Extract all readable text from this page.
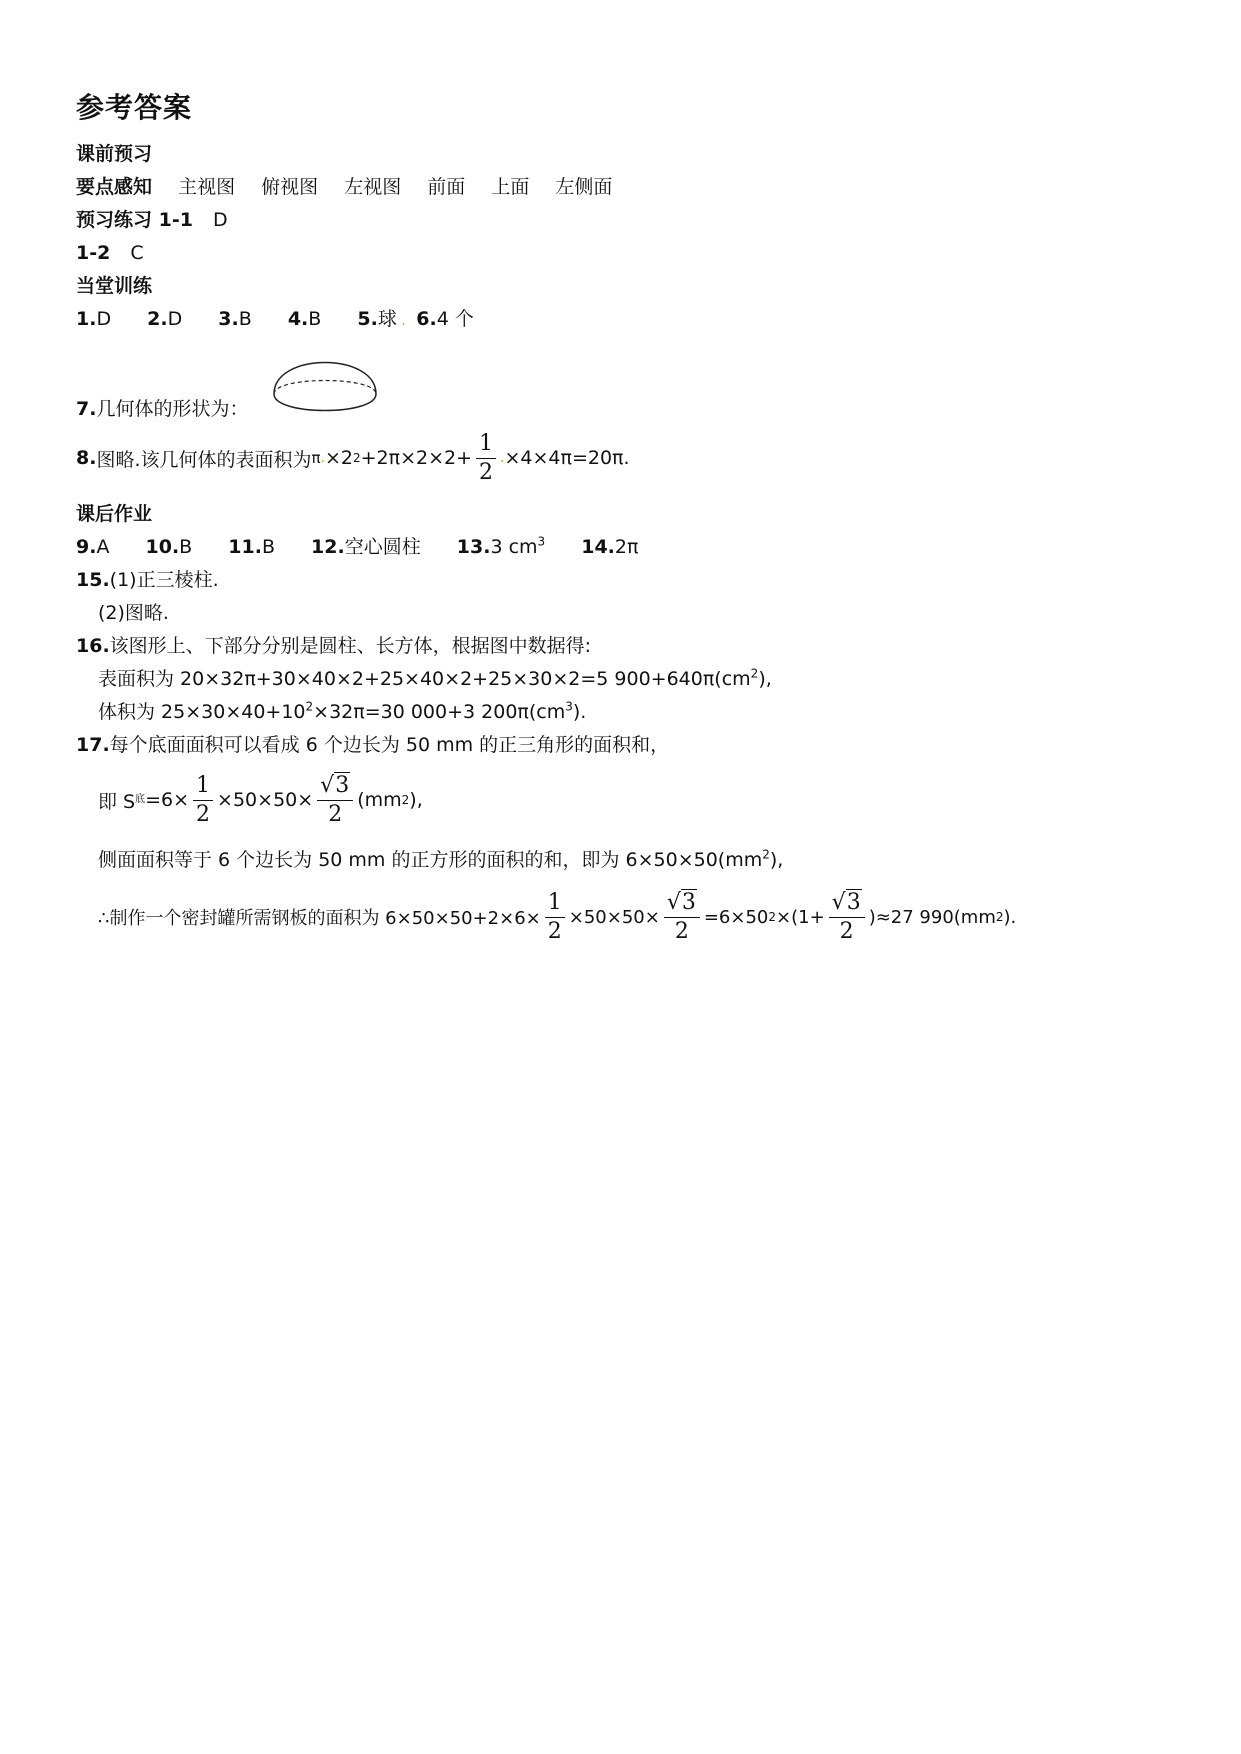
参考答案
课前预习
要点感知 主视图 俯视图 左视图 前面 上面 左侧面
预习练习 1-1 D
1-2 C
当堂训练
1.D 2.D 3.B 4.B 5.球 .  6.4 个
7.几何体的形状为：
8. 图略.该几何体的表面积为 π . ×2 $2 +2\pi\times 2\times 2+ \frac{1}{2}$ . ×4×4π=20π.
课后作业
9.A 10.B 11.B 12.空心圆柱 13.3 $cm^3$ 14.2π
15.(1)正三棱柱.
(2)图略.
16.该图形上、下部分分别是圆柱、长方体，根据图中数据得:
表面积为 20×32π+30×40×2+25×40×2+25×30×2=5 $900+640\pi(cm^2)$,
体积为 $25\times 30\times 40+10^2\times 32\pi=30$ 000+3 $200\pi(cm^3)$.
17.每个底面面积可以看成 6 个边长为 50 mm 的正三角形的面积和，
即 S 底 $=6\times \frac{1}{2} \times 50\times 50\times \frac{√3}{2} (mm$ 2 ),
侧面面积等于 6 个边长为 50 mm 的正方形的面积的和，即为 $6\times 50\times 50(mm^2)$,
∴制作一个密封罐所需钢板的面积为 $6\times 50\times 50+2\times 6\times \frac{1}{2} \times 50\times 50\times \frac{√3}{2} =6\times 50$ $2 \times(1+ \frac{√3}{2} )\approx 27$ 990(mm 2 ).
